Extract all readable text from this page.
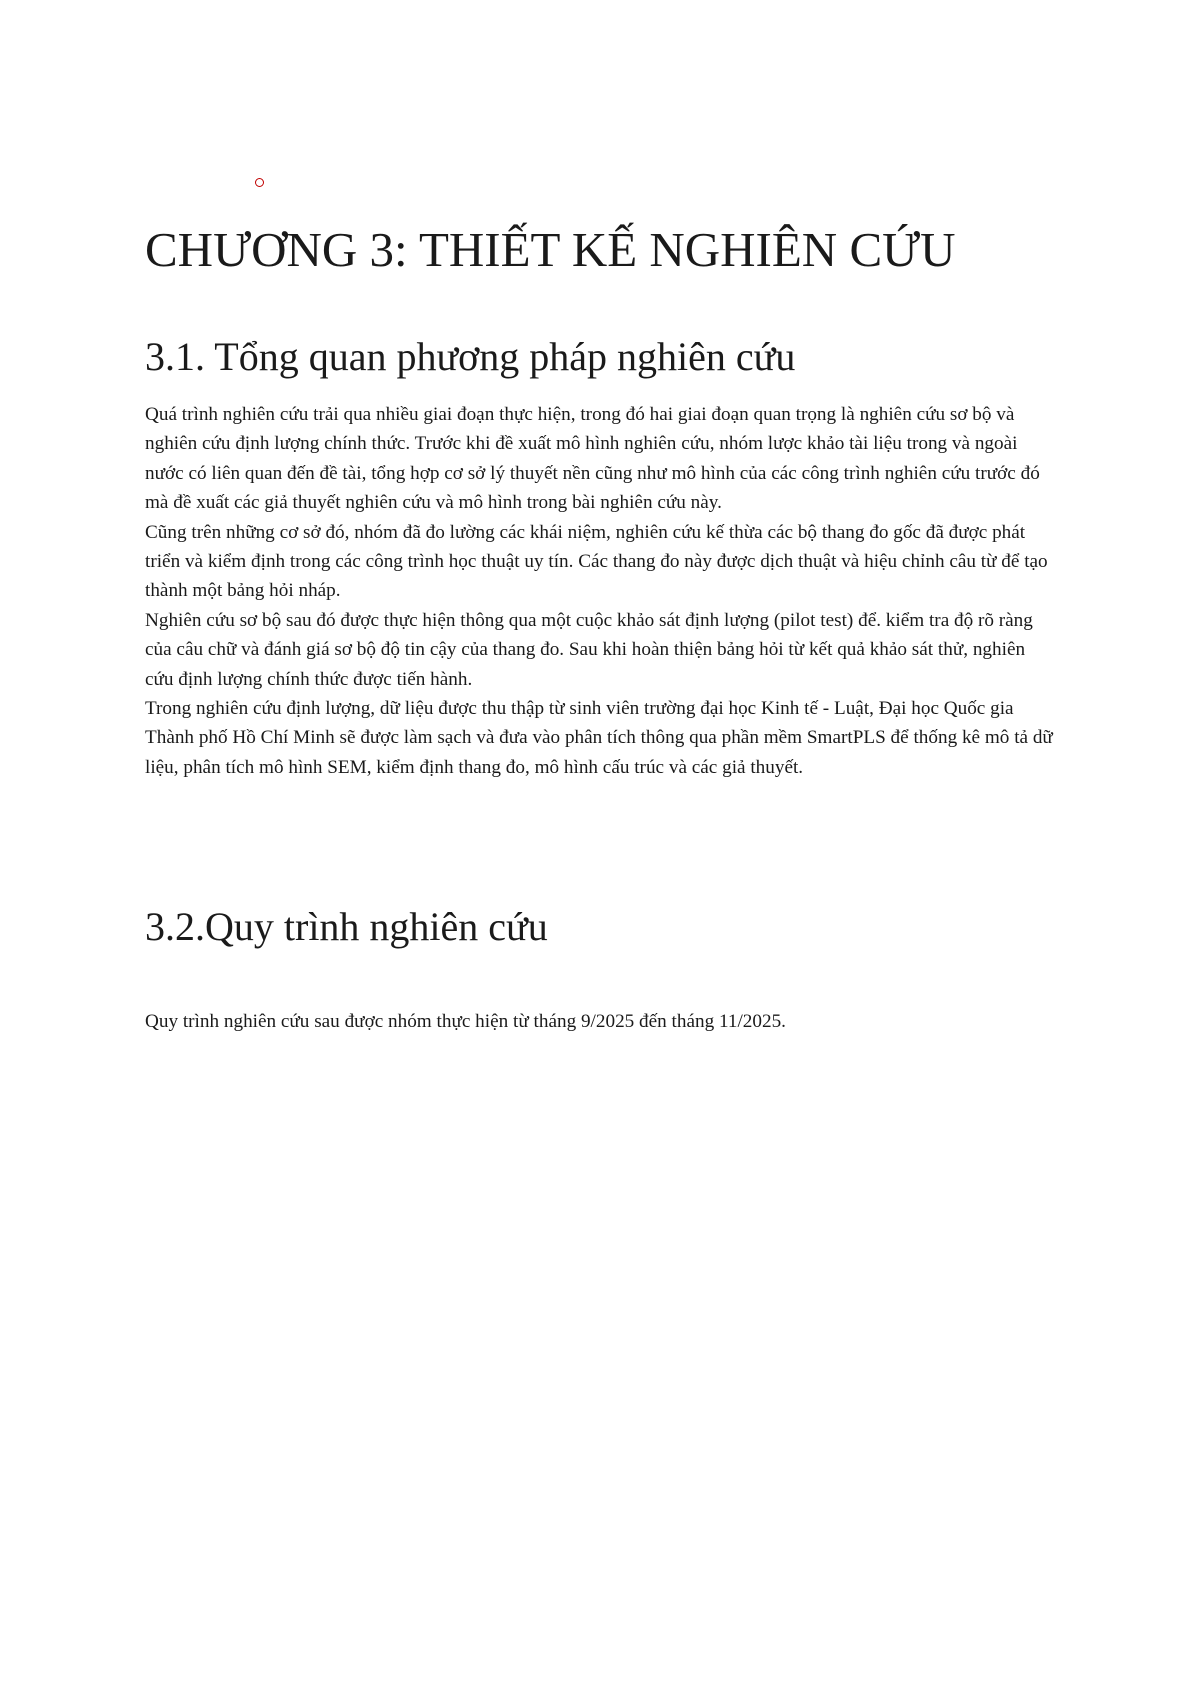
CHƯƠNG 3: THIẾT KẾ NGHIÊN CỨU
3.1. Tổng quan phương pháp nghiên cứu

Quá trình nghiên cứu trải qua nhiều giai đoạn thực hiện, trong đó hai giai đoạn quan trọng là nghiên cứu sơ bộ và nghiên cứu định lượng chính thức. Trước khi đề xuất mô hình nghiên cứu, nhóm lược khảo tài liệu trong và ngoài nước có liên quan đến đề tài, tổng hợp cơ sở lý thuyết nền cũng như mô hình của các công trình nghiên cứu trước đó mà đề xuất các giả thuyết nghiên cứu và mô hình trong bài nghiên cứu này.

Cũng trên những cơ sở đó, nhóm đã đo lường các khái niệm, nghiên cứu kế thừa các bộ thang đo gốc đã được phát triển và kiểm định trong các công trình học thuật uy tín. Các thang đo này được dịch thuật và hiệu chỉnh câu từ để tạo thành một bảng hỏi nháp.

Nghiên cứu sơ bộ sau đó được thực hiện thông qua một cuộc khảo sát định lượng (pilot test) để. kiểm tra độ rõ ràng của câu chữ và đánh giá sơ bộ độ tin cậy của thang đo. Sau khi hoàn thiện bảng hỏi từ kết quả khảo sát thử, nghiên cứu định lượng chính thức được tiến hành.

Trong nghiên cứu định lượng, dữ liệu được thu thập từ sinh viên trường đại học Kinh tế - Luật, Đại học Quốc gia Thành phố Hồ Chí Minh sẽ được làm sạch và đưa vào phân tích thông qua phần mềm SmartPLS để thống kê mô tả dữ liệu, phân tích mô hình SEM, kiểm định thang đo, mô hình cấu trúc và các giả thuyết.

3.2.Quy trình nghiên cứu

Quy trình nghiên cứu sau được nhóm thực hiện từ tháng 9/2025 đến tháng 11/2025.
